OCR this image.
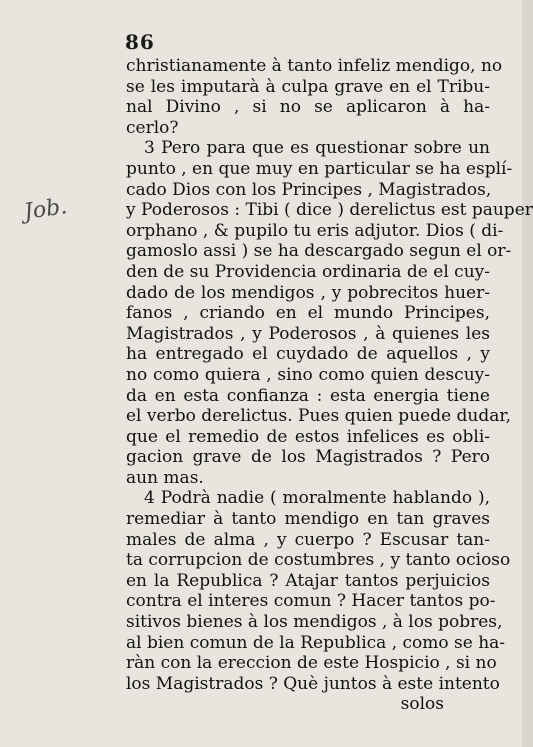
86
Job.
christianamente à tanto infeliz mendigo, no
se les imputarà à culpa grave en el Tribu-
nal Divino , si no se aplicaron à ha-
cerlo?
3 Pero para que es questionar sobre un
punto , en que muy en particular se ha esplí-
cado Dios con los Principes , Magistrados,
y Poderosos : Tibi ( dice ) derelictus est pauper
orphano , & pupilo tu eris adjutor. Dios ( di-
gamoslo assi ) se ha descargado segun el or-
den de su Providencia ordinaria de el cuy-
dado de los mendigos , y pobrecitos huer-
fanos , criando en el mundo Principes,
Magistrados , y Poderosos , à quienes les
ha entregado el cuydado de aquellos , y
no como quiera , sino como quien descuy-
da en esta confianza : esta energia tiene
el verbo derelictus. Pues quien puede dudar,
que el remedio de estos infelices es obli-
gacion grave de los Magistrados ? Pero
aun mas.
4 Podrà nadie ( moralmente hablando ),
remediar à tanto mendigo en tan graves
males de alma , y cuerpo ? Escusar tan-
ta corrupcion de costumbres , y tanto ocioso
en la Republica ? Atajar tantos perjuicios
contra el interes comun ? Hacer tantos po-
sitivos bienes à los mendigos , à los pobres,
al bien comun de la Republica , como se ha-
ràn con la ereccion de este Hospicio , si no
los Magistrados ? Què juntos à este intento
solos
